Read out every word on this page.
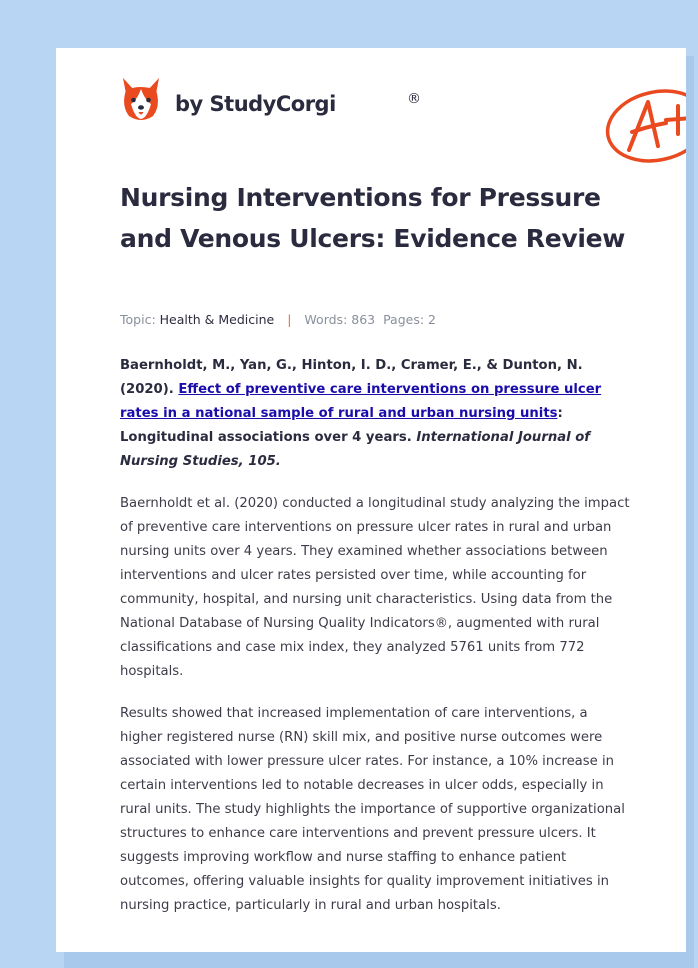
by StudyCorgi	®
Nursing Interventions for Pressure and Venous Ulcers: Evidence Review
Topic: Health & Medicine | Words: 863 Pages: 2

Baernholdt, M., Yan, G., Hinton, I. D., Cramer, E., & Dunton, N. (2020). Effect of preventive care interventions on pressure ulcer rates in a national sample of rural and urban nursing units: Longitudinal associations over 4 years. International Journal of Nursing Studies, 105.

Baernholdt et al. (2020) conducted a longitudinal study analyzing the impact of preventive care interventions on pressure ulcer rates in rural and urban nursing units over 4 years. They examined whether associations between interventions and ulcer rates persisted over time, while accounting for community, hospital, and nursing unit characteristics. Using data from the National Database of Nursing Quality Indicators®, augmented with rural classifications and case mix index, they analyzed 5761 units from 772 hospitals.

Results showed that increased implementation of care interventions, a higher registered nurse (RN) skill mix, and positive nurse outcomes were associated with lower pressure ulcer rates. For instance, a 10% increase in certain interventions led to notable decreases in ulcer odds, especially in rural units. The study highlights the importance of supportive organizational structures to enhance care interventions and prevent pressure ulcers. It suggests improving workflow and nurse staffing to enhance patient outcomes, offering valuable insights for quality improvement initiatives in nursing practice, particularly in rural and urban hospitals.
